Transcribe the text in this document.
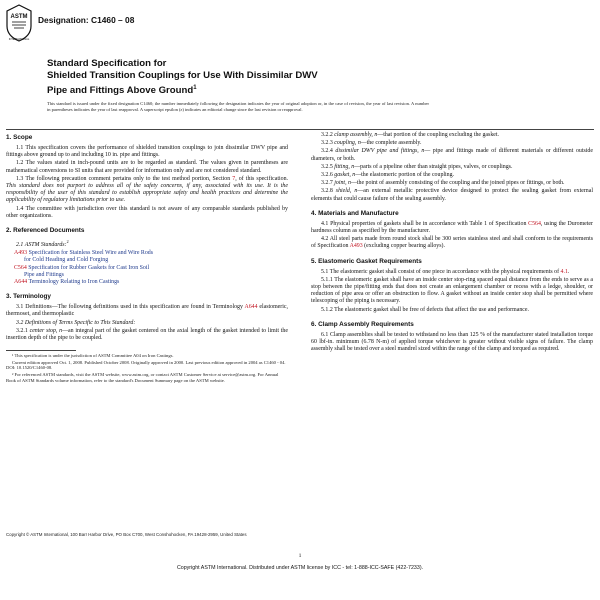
ASTM
INTERNATIONAL
Designation: C1460 – 08
Standard Specification for
Shielded Transition Couplings for Use With Dissimilar DWV
Pipe and Fittings Above Ground$^1$
This standard is issued under the fixed designation C1460; the number immediately following the designation indicates the year of original adoption or, in the case of revision, the year of last revision. A number in parentheses indicates the year of last reapproval. A superscript epsilon (ε) indicates an editorial change since the last revision or reapproval.
1. Scope
1.1 This specification covers the performance of shielded transition couplings to join dissimilar DWV pipe and fittings above ground up to and including 10 in. pipe and fittings.
1.2 The values stated in inch-pound units are to be regarded as standard. The values given in parentheses are mathematical conversions to SI units that are provided for information only and are not considered standard.
1.3 The following precaution comment pertains only to the test method portion, Section 7, of this specification. This standard does not purport to address all of the safety concerns, if any, associated with its use. It is the responsibility of the user of this standard to establish appropriate safety and health practices and determine the applicability of regulatory limitations prior to use.
1.4 The committee with jurisdiction over this standard is not aware of any comparable standards published by other organizations.
2. Referenced Documents
2.1 ASTM Standards:$^2$
A493 Specification for Stainless Steel Wire and Wire Rods
for Cold Heading and Cold Forging
C564 Specification for Rubber Gaskets for Cast Iron Soil
Pipe and Fittings
A644 Terminology Relating to Iron Castings
3. Terminology
3.1 Definitions—The following definitions used in this specification are found in Terminology A644 elastomeric, thermoset, and thermoplastic
3.2 Definitions of Terms Specific to This Standard:
3.2.1 center stop, n—an integral part of the gasket centered on the axial length of the gasket intended to limit the insertion depth of the pipe to be coupled.
¹ This specification is under the jurisdiction of ASTM Committee A04 on Iron Castings.
Current edition approved Oct. 1, 2008. Published October 2008. Originally approved in 2000. Last previous edition approved in 2004 as C1460 - 04. DOI: 10.1520/C1460-08.
² For referenced ASTM standards, visit the ASTM website, www.astm.org, or contact ASTM Customer Service at service@astm.org. For Annual Book of ASTM Standards volume information, refer to the standard's Document Summary page on the ASTM website.
3.2.2 clamp assembly, n—that portion of the coupling excluding the gasket.
3.2.3 coupling, n—the complete assembly.
3.2.4 dissimilar DWV pipe and fittings, n— pipe and fittings made of different materials or different outside diameters, or both.
3.2.5 fitting, n—parts of a pipeline other than straight pipes, valves, or couplings.
3.2.6 gasket, n—the elastomeric portion of the coupling.
3.2.7 joint, n—the point of assembly consisting of the coupling and the joined pipes or fittings, or both.
3.2.8 shield, n—an external metallic protective device designed to protect the sealing gasket from external elements that could cause failure of the sealing assembly.
4. Materials and Manufacture
4.1 Physical properties of gaskets shall be in accordance with Table 1 of Specification C564, using the Durometer hardness column as specified by the manufacturer.
4.2 All steel parts made from round stock shall be 300 series stainless steel and shall conform to the requirements of Specification A493 (excluding copper bearing alloys).
5. Elastomeric Gasket Requirements
5.1 The elastomeric gasket shall consist of one piece in accordance with the physical requirements of 4.1.
5.1.1 The elastomeric gasket shall have an inside center stop-ring spaced equal distance from the ends to serve as a stop between the pipe/fitting ends that does not create an enlargement chamber or recess with a ledge, shoulder, or reduction of pipe area or offer an obstruction to flow. A gasket without an inside center stop shall be permitted where telescoping of the piping is necessary.
5.1.2 The elastomeric gasket shall be free of defects that affect the use and performance.
6. Clamp Assembly Requirements
6.1 Clamp assemblies shall be tested to withstand no less than 125 % of the manufacturer stated installation torque 60 lbf-in. minimum (6.78 N-m) of applied torque whichever is greater without visible signs of failure. The clamp assembly shall be tested over a steel mandrel sized within the range of the clamp and torqued as required.
Copyright © ASTM International, 100 Barr Harbor Drive, PO Box C700, West Conshohocken, PA 19428-2959, United States
1
Copyright ASTM International. Distributed under ASTM license by ICC - tel: 1-888-ICC-SAFE (422-7233).
